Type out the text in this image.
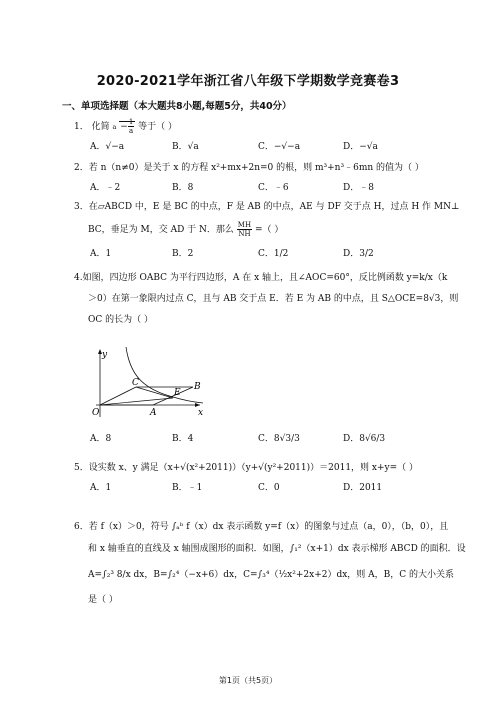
2020-2021学年浙江省八年级下学期数学竞赛卷3
一、单项选择题（本大题共8小题,每题5分，共40分）
1． 化简 $a - \frac{1}{a}$ 等于（ ）
A．√−a	B．√a	C．−√−a	D．−√a
2．若 n（n≠0）是关于 x 的方程 x²+mx+2n=0 的根，则 m³+n³﹣6mn 的值为（ ）
A．﹣2	B．8	C．﹣6	D．﹣8
3．在▱ABCD 中，E 是 BC 的中点，F 是 AB 的中点，AE 与 DF 交于点 H，过点 H 作 MN⊥
BC，垂足为 M，交 AD 于 N．那么 $\frac{MH}{NH}$ =（ ）
A．1	B．2	C．1/2	D．3/2
4.如图，四边形 OABC 为平行四边形，A 在 x 轴上，且∠AOC=60°，反比例函数 y=k/x（k
＞0）在第一象限内过点 C，且与 AB 交于点 E．若 E 为 AB 的中点，且 S△OCE=8√3，则
OC 的长为（ ）
O	A
B
C
E
y
x
A．8	B．4	C．8√3/3	D．8√6/3
5．设实数 x、y 满足（x+√(x²+2011)）（y+√(y²+2011)）＝2011，则 x+y=（ ）
A．1	B．﹣1	C．0	D．2011
6．若 f（x）＞0，符号 ∫ₐᵇ f（x）dx 表示函数 y=f（x）的图象与过点（a，0），（b，0），且
和 x 轴垂直的直线及 x 轴围成图形的面积．如图，∫₁²（x+1）dx 表示梯形 ABCD 的面积．设
A=∫₂³ 8/x dx，B=∫₂⁴（−x+6）dx，C=∫₃⁴（½x²+2x+2）dx，则 A，B，C 的大小关系
是（ ）
第1页（共5页）
